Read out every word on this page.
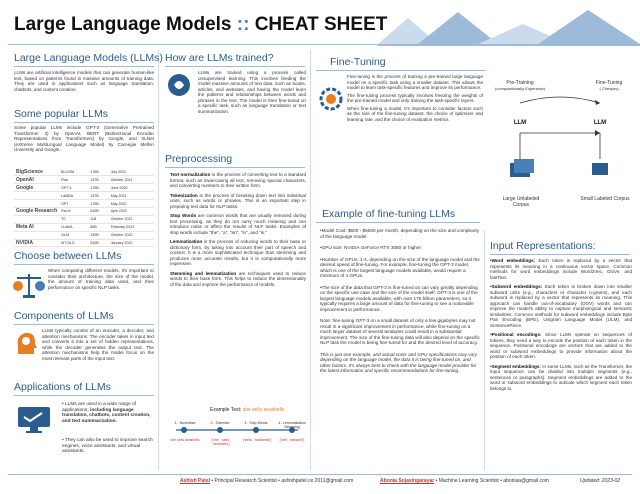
Large Language Models :: CHEAT SHEET
Large Language Models (LLMs)
LLMs are artificial intelligence models that can generate human-like text, based on patterns found in massive amounts of training data. They are used in applications such as language translation, chatbots, and content creation.
Some popular LLMs
Some popular LLMs include GPT-3 (Generative Pretrained Transformer 3) by OpenAI, BERT (Bidirectional Encoder Representations from Transformers) by Google, and XLNet (eXtreme MultiLingual Language Model) by Carnegie Mellon University and Google..
BigScience	BLOOM	176B	July 2022
OpenAI	Flan	137B	October 2021
Google	GPT-3	175B	June 2020
	LaMDA	137B	May 2021
	OPT	175B	May 2022
Google Research	PaLM	540B	April 2022
	T0	11B	October 2021
Meta AI	LLaMA	65B	February 2023
	GLM	130B	October 2022
NVIDIA	MT-NLG	530B	January 2022
Choose between LLMs
When comparing different models, it's important to consider their architecture, the size of the model, the amount of training data used, and their performance on specific NLP tasks.
Components of LLMs
LLMs typically consist of an encoder, a decoder, and attention mechanisms. The encoder takes in input text and converts it into a set of hidden representations, while the decoder generates the output text. The attention mechanisms help the model focus on the most relevant parts of the input text.
Applications of LLMs
• LLMs are used in a wide range of applications, including language translation, chatbots, content creation, and text summarization.
• They can also be used to improve search engines, voice assistants, and virtual assistants.
How are LLMs trained?
LLMs are trained using a process called unsupervised learning. This involves feeding the model massive amounts of text data, such as books, articles, and websites, and having the model learn the patterns and relationships between words and phrases in the text. The model is then fine-tuned on a specific task, such as language translation or text summarization.
Preprocessing
Text normalization is the process of converting text to a standard format, such as lowercasing all text, removing special characters, and converting numbers to their written form.
Tokenization is the process of breaking down text into individual units, such as words or phrases. This is an important step in preparing text data for NLP tasks.
Stop Words are common words that are usually removed during text processing, as they do not carry much meaning and can introduce noise or affect the results of NLP tasks. Examples of stop words include "the", "a", "an", "in", and "is."
Lemmatization is the process of reducing words to their base or dictionary form, by taking into account their part of speech and context. It is a more sophisticated technique than stemming and produces more accurate results, but it is computationally more expensive.
Stemming and lemmatization are techniques used to reduce words to their base form. This helps to reduce the dimensionality of the data and improve the performance of models.
Example Text: she sells seashells
1 - Normalize	2 - Tokenize	3 - Stop Words	4 - Lemmatization Stemming
she sells seashells	['she', 'sells', 'seashells']
['sells', 'seashells']	['sell', 'seashell']
Fine-Tuning
Fine-tuning is the process of training a pre-trained large language model on a specific task using a smaller dataset. This allows the model to learn task-specific features and improve its performance.
The fine-tuning process typically involves freezing the weights of the pre-trained model and only training the task-specific layers.
When fine-tuning a model, it's important to consider factors such as the size of the fine-tuning dataset, the choice of optimizer and learning rate, and the choice of evaluation metrics.
Example of fine-tuning LLMs
•Model Cost: $500 - $5000 per month, depending on the size and complexity of the language model
•GPU size: NVIDIA GeForce RTX 3080 or higher
•Number of GPUs: 1-4, depending on the size of the language model and the desired speed of fine-tuning. For example, fine-tuning the GPT-3 model, which is one of the largest language models available, would require a minimum of 4 GPUs.
•The size of the data that GPT-3 is fine-tuned on can vary greatly depending on the specific use case and the size of the model itself. GPT-3 is one of the largest language models available, with over 175 billion parameters, so it typically requires a large amount of data for fine-tuning to see a noticeable improvement in performance.
Note: fine-tuning GPT-3 on a small dataset of only a few gigabytes may not result in a significant improvement in performance, while fine-tuning on a much larger dataset of several terabytes could result in a substantial improvement. The size of the fine-tuning data will also depend on the specific NLP task the model is being fine-tuned for and the desired level of accuracy.
This is just one example, and actual costs and GPU specifications may vary depending on the language model, the data it is being fine-tuned on, and other factors. It's always best to check with the language model provider for the latest information and specific recommendations for fine-tuning.
Pre-Training
(computationally Expensive)
Fine-Tuning
( Cheaper)
LLM	LLM
Large Unlabeled Corpus
Small Labeled Corpus
Input Representations:
•Word embeddings: Each token is replaced by a vector that represents its meaning in a continuous vector space. Common methods for word embeddings include Word2Vec, GloVe, and fastText.
•Subword embeddings: Each token is broken down into smaller subword units (e.g., characters or character n-grams), and each subword is replaced by a vector that represents its meaning. This approach can handle out-of-vocabulary (OOV) words and can improve the model's ability to capture morphological and semantic similarities. Common methods for subword embeddings include Byte Pair Encoding (BPE), Unigram Language Model (ULM), and SentencePiece.
•Positional encodings: Since LLMs operate on sequences of tokens, they need a way to encode the position of each token in the sequence. Positional encodings are vectors that are added to the word or subword embeddings to provide information about the position of each token.
•Segment embeddings: In some LLMs, such as the Transformer, the input sequence can be divided into multiple segments (e.g., sentences or paragraphs). Segment embeddings are added to the word or subword embeddings to indicate which segment each token belongs to.
Ashish Patel • Principal Research Scientist • ashishpatel.ce.2011@gmail.com	Abonia Sojasingarayar • Machine Learning Scientist • aboniaa@gmail.com	Updated: 2023-02
